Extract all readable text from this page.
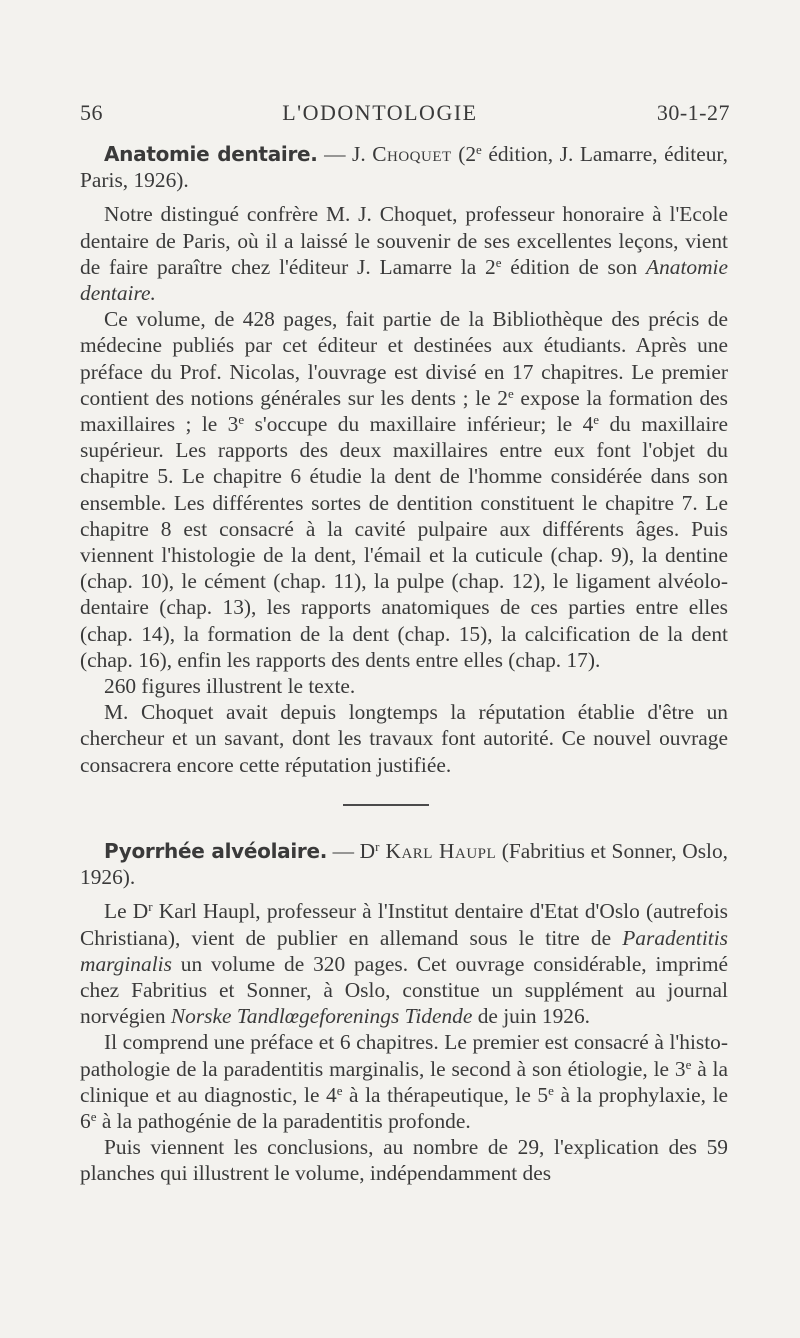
56	L'ODONTOLOGIE	30-1-27

Anatomie dentaire. — J. Choquet (2e édition, J. Lamarre, éditeur, Paris, 1926).

Notre distingué confrère M. J. Choquet, professeur honoraire à l'Ecole dentaire de Paris, où il a laissé le souvenir de ses excellentes leçons, vient de faire paraître chez l'éditeur J. Lamarre la 2e édition de son Anatomie dentaire.

Ce volume, de 428 pages, fait partie de la Bibliothèque des précis de médecine publiés par cet éditeur et destinées aux étudiants. Après une préface du Prof. Nicolas, l'ouvrage est divisé en 17 chapitres. Le premier contient des notions générales sur les dents ; le 2e expose la formation des maxillaires ; le 3e s'occupe du maxillaire inférieur; le 4e du maxillaire supérieur. Les rapports des deux maxillaires entre eux font l'objet du chapitre 5. Le chapitre 6 étudie la dent de l'homme considérée dans son ensemble. Les différentes sortes de dentition constituent le chapitre 7. Le chapitre 8 est consacré à la cavité pulpaire aux différents âges. Puis viennent l'histologie de la dent, l'émail et la cuticule (chap. 9), la dentine (chap. 10), le cément (chap. 11), la pulpe (chap. 12), le ligament alvéolo-dentaire (chap. 13), les rapports anatomiques de ces parties entre elles (chap. 14), la formation de la dent (chap. 15), la calcification de la dent (chap. 16), enfin les rapports des dents entre elles (chap. 17).

260 figures illustrent le texte.

M. Choquet avait depuis longtemps la réputation établie d'être un chercheur et un savant, dont les travaux font autorité. Ce nouvel ouvrage consacrera encore cette réputation justifiée.

Pyorrhée alvéolaire. — $D^r$ Karl Haupl (Fabritius et Sonner, Oslo, 1926).

Le $D^r$ Karl Haupl, professeur à l'Institut dentaire d'Etat d'Oslo (autrefois Christiana), vient de publier en allemand sous le titre de Paradentitis marginalis un volume de 320 pages. Cet ouvrage considérable, imprimé chez Fabritius et Sonner, à Oslo, constitue un supplément au journal norvégien Norske Tandlœgeforenings Tidende de juin 1926.

Il comprend une préface et 6 chapitres. Le premier est consacré à l'histo-pathologie de la paradentitis marginalis, le second à son étiologie, le 3e à la clinique et au diagnostic, le 4e à la thérapeutique, le 5e à la prophylaxie, le 6e à la pathogénie de la paradentitis profonde.

Puis viennent les conclusions, au nombre de 29, l'explication des 59 planches qui illustrent le volume, indépendamment des
